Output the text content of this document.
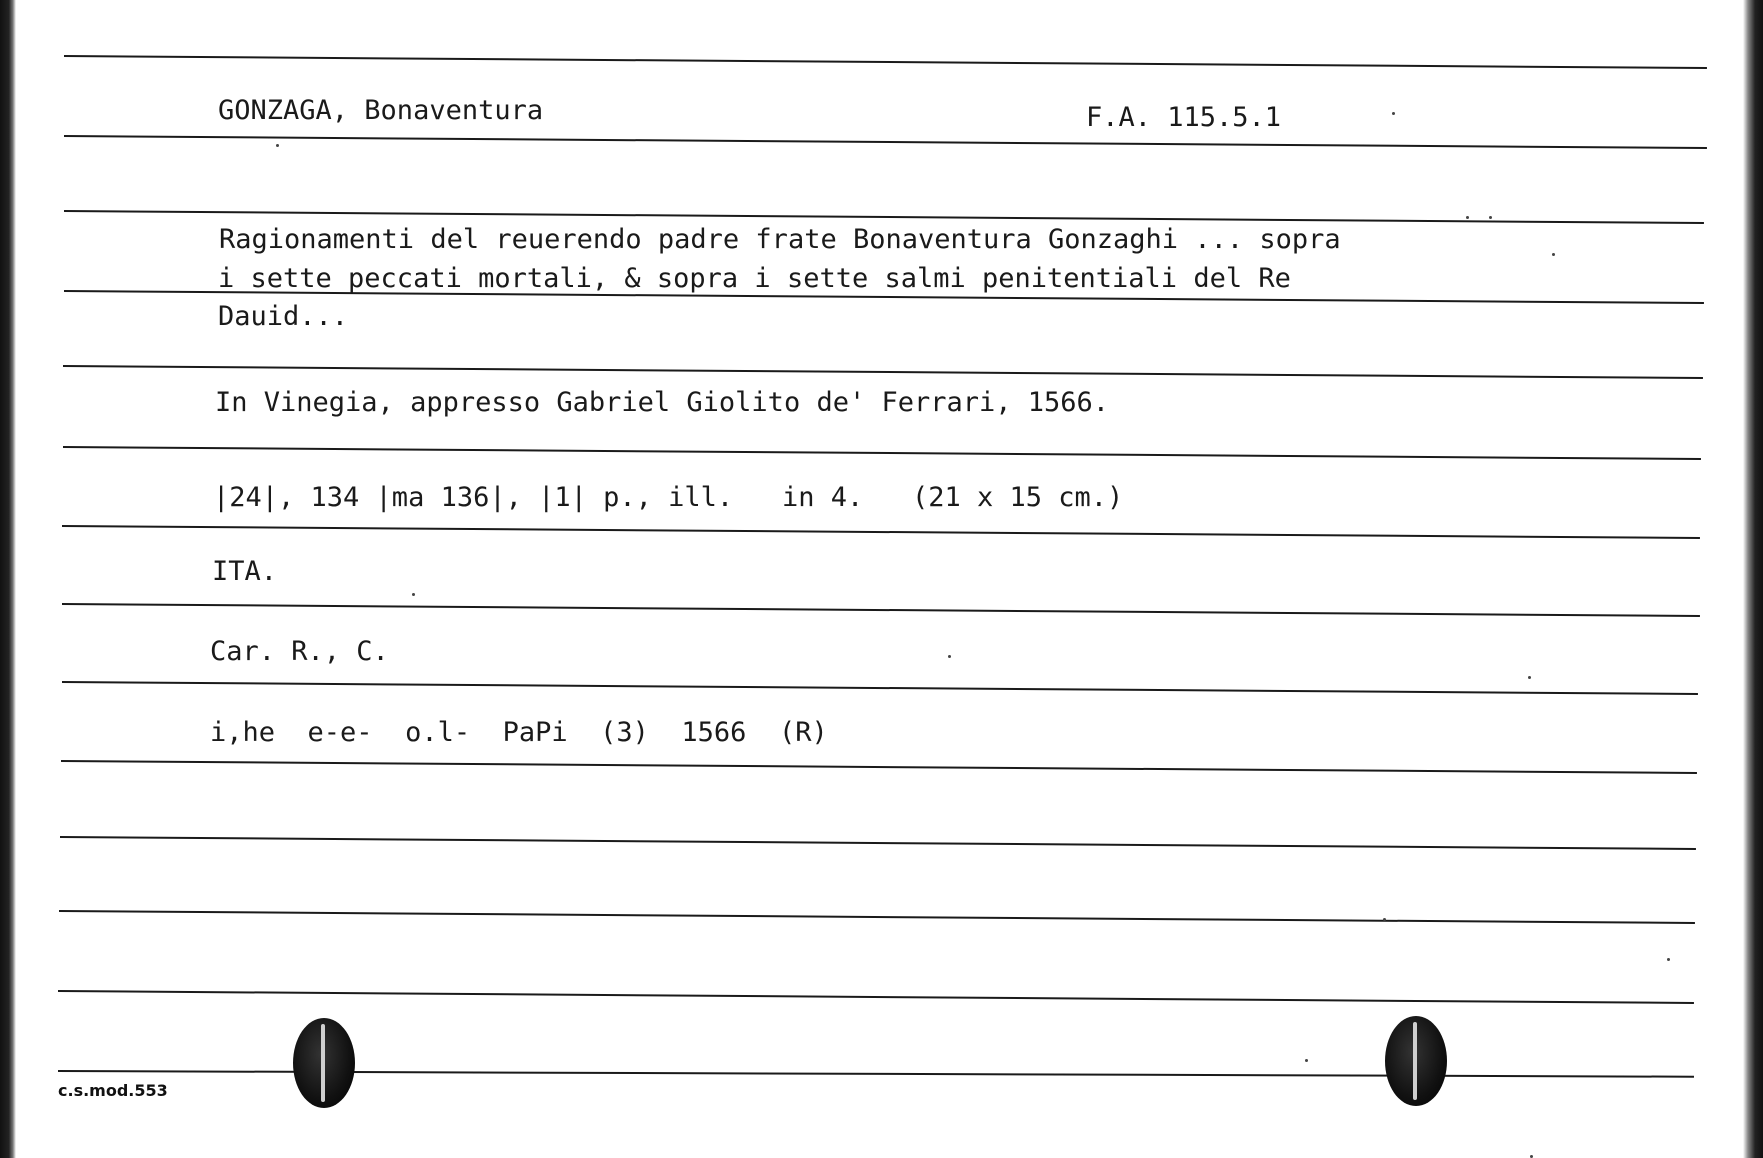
GONZAGA, Bonaventura	F.A. 115.5.1
Ragionamenti del reuerendo padre frate Bonaventura Gonzaghi ... sopra
i sette peccati mortali, & sopra i sette salmi penitentiali del Re
Dauid...
In Vinegia, appresso Gabriel Giolito de' Ferrari, 1566.
|24|, 134 |ma 136|, |1| p., ill.   in 4.   (21 x 15 cm.)
ITA.
Car. R., C.
i,he  e-e-  o.l-  PaPi  (3)  1566  (R)
c.s.mod.553
